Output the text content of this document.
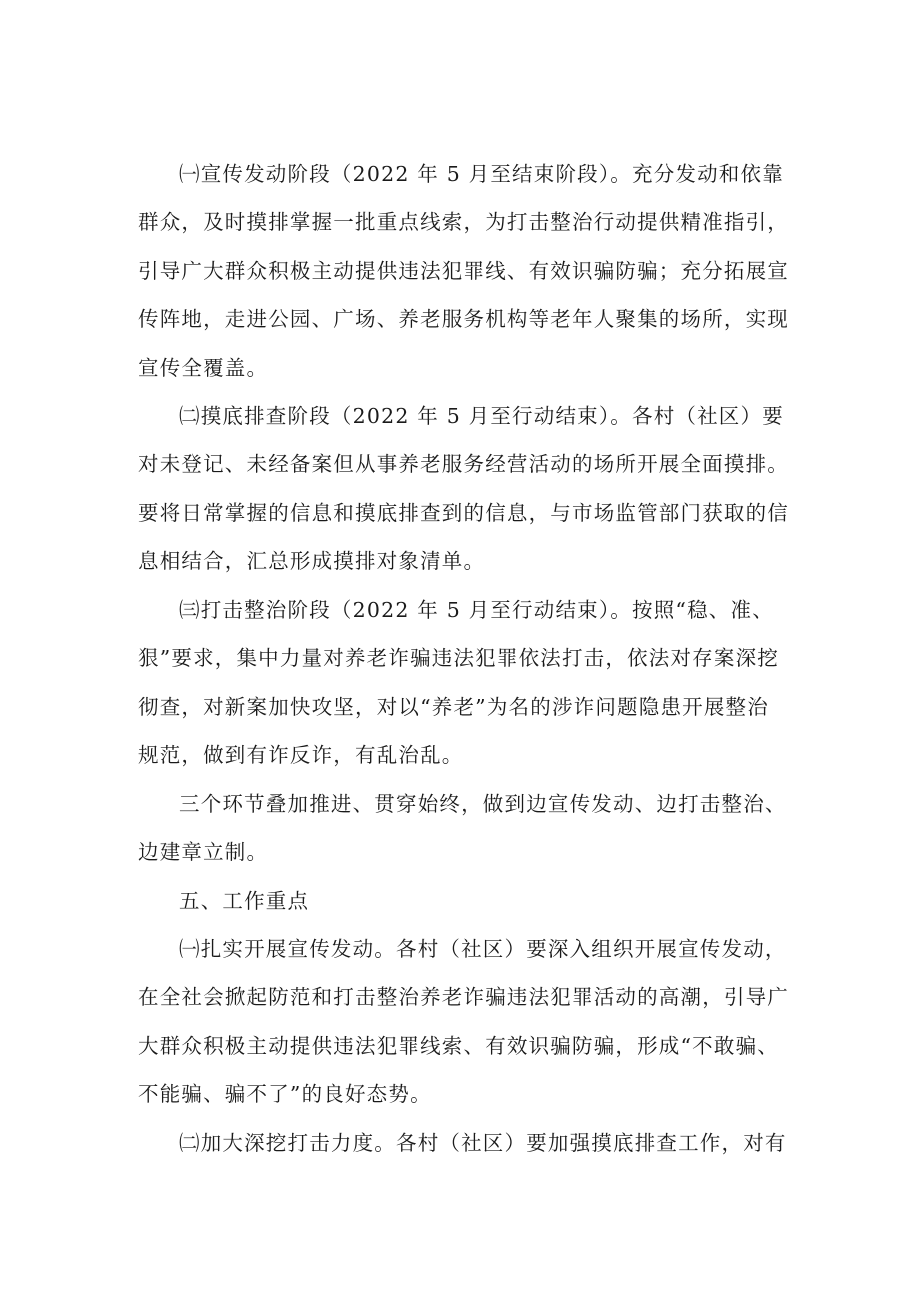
㈠宣传发动阶段（2022 年 5 月至结束阶段）。充分发动和依靠
群众，及时摸排掌握一批重点线索，为打击整治行动提供精准指引，
引导广大群众积极主动提供违法犯罪线、有效识骗防骗；充分拓展宣
传阵地，走进公园、广场、养老服务机构等老年人聚集的场所，实现
宣传全覆盖。
㈡摸底排查阶段（2022 年 5 月至行动结束）。各村（社区）要
对未登记、未经备案但从事养老服务经营活动的场所开展全面摸排。
要将日常掌握的信息和摸底排查到的信息，与市场监管部门获取的信
息相结合，汇总形成摸排对象清单。
㈢打击整治阶段（2022 年 5 月至行动结束）。按照“稳、准、
狠”要求，集中力量对养老诈骗违法犯罪依法打击，依法对存案深挖
彻查，对新案加快攻坚，对以“养老”为名的涉诈问题隐患开展整治
规范，做到有诈反诈，有乱治乱。
三个环节叠加推进、贯穿始终，做到边宣传发动、边打击整治、
边建章立制。
五、工作重点
㈠扎实开展宣传发动。各村（社区）要深入组织开展宣传发动，
在全社会掀起防范和打击整治养老诈骗违法犯罪活动的高潮，引导广
大群众积极主动提供违法犯罪线索、有效识骗防骗，形成“不敢骗、
不能骗、骗不了”的良好态势。
㈡加大深挖打击力度。各村（社区）要加强摸底排查工作，对有
